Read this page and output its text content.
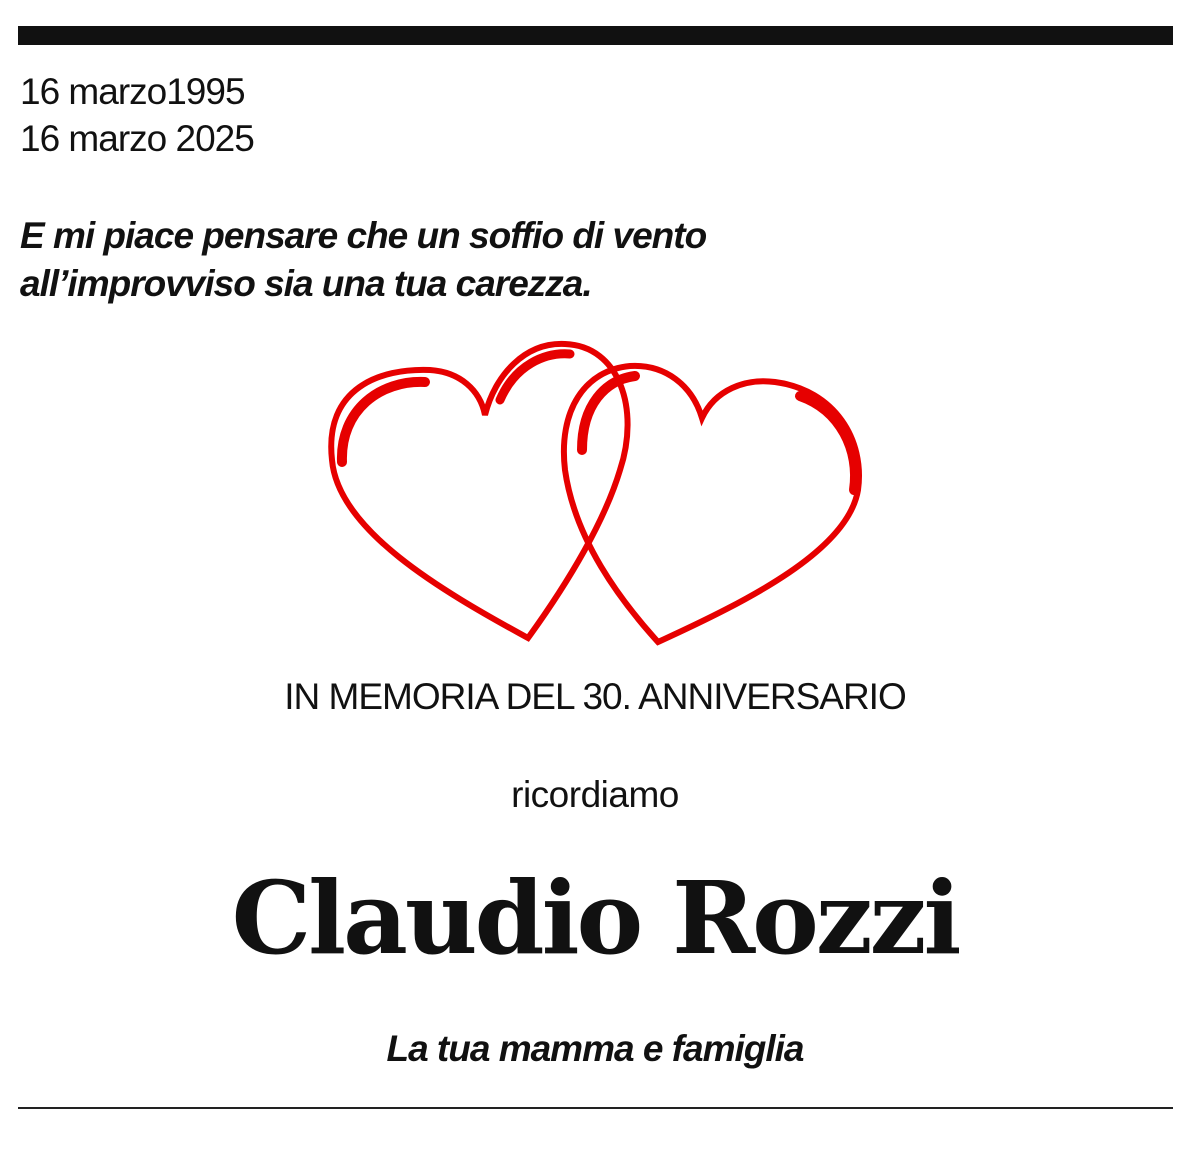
16 marzo1995
16 marzo 2025
E mi piace pensare che un soffio di vento
all’improvviso sia una tua carezza.
IN MEMORIA DEL 30. ANNIVERSARIO
ricordiamo
Claudio Rozzi
La tua mamma e famiglia
